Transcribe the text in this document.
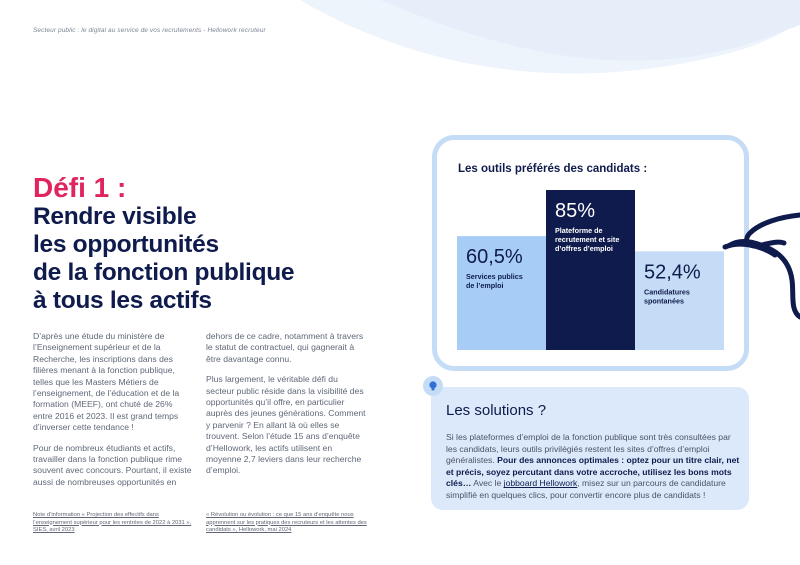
Secteur public : le digital au service de vos recrutements - Hellowork recruteur
Défi 1 :
Rendre visible
les opportunités
de la fonction publique
à tous les actifs

D’après une étude du ministère de l’Enseignement supérieur et de la Recherche, les inscriptions dans des filières menant à la fonction publique, telles que les Masters Métiers de l’enseignement, de l’éducation et de la formation (MEEF), ont chuté de 26% entre 2016 et 2023. Il est grand temps d’inverser cette tendance !

Pour de nombreux étudiants et actifs, travailler dans la fonction publique rime souvent avec concours. Pourtant, il existe aussi de nombreuses opportunités en

dehors de ce cadre, notamment à travers le statut de contractuel, qui gagnerait à être davantage connu.

Plus largement, le véritable défi du secteur public réside dans la visibilité des opportunités qu’il offre, en particulier auprès des jeunes générations. Comment y parvenir ? En allant là où elles se trouvent. Selon l’étude 15 ans d’enquête d’Hellowork, les actifs utilisent en moyenne 2,7 leviers dans leur recherche d’emploi.

Note d’information « Projection des effectifs dans l’enseignement supérieur pour les rentrées de 2022 à 2031 », SIES, avril 2023
« Révolution ou évolution : ce que 15 ans d’enquête nous apprennent sur les pratiques des recruteurs et les attentes des candidats », Hellowork, mai 2024
Les outils préférés des candidats :
60,5%
Services publics
de l’emploi
85%
Plateforme de
recrutement et site
d’offres d’emploi
52,4%
Candidatures
spontanées
Les solutions ?
Si les plateformes d’emploi de la fonction publique sont très consultées par les candidats, leurs outils privilégiés restent les sites d’offres d’emploi généralistes. Pour des annonces optimales : optez pour un titre clair, net et précis, soyez percutant dans votre accroche, utilisez les bons mots clés… Avec le jobboard Hellowork, misez sur un parcours de candidature simplifié en quelques clics, pour convertir encore plus de candidats !
